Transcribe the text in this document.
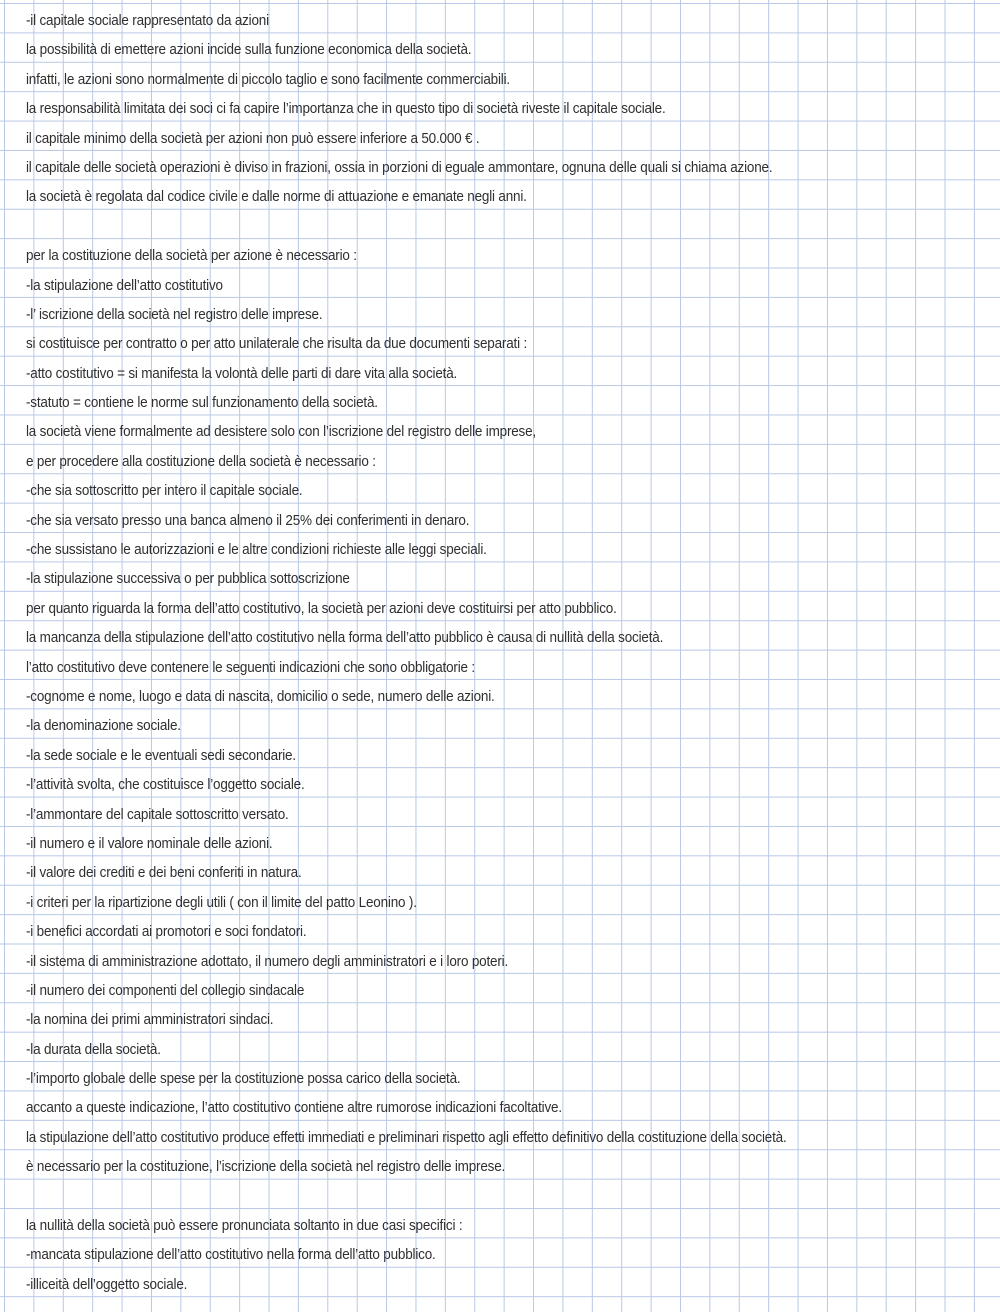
-il capitale sociale rappresentato da azioni
la possibilità di emettere azioni incide sulla funzione economica della società.
infatti, le azioni sono normalmente di piccolo taglio e sono facilmente commerciabili.
la responsabilità limitata dei soci ci fa capire l’importanza che in questo tipo di società riveste il capitale sociale.
il capitale minimo della società per azioni non può essere inferiore a 50.000 € .
il capitale delle società operazioni è diviso in frazioni, ossia in porzioni di eguale ammontare, ognuna delle quali si chiama azione.
la società è regolata dal codice civile e dalle norme di attuazione e emanate negli anni.
per la costituzione della società per azione è necessario :
-la stipulazione dell’atto costitutivo
-l’ iscrizione della società nel registro delle imprese.
si costituisce per contratto o per atto unilaterale che risulta da due documenti separati :
-atto costitutivo = si manifesta la volontà delle parti di dare vita alla società.
-statuto = contiene le norme sul funzionamento della società.
la società viene formalmente ad desistere solo con l’iscrizione del registro delle imprese,
e per procedere alla costituzione della società è necessario :
-che sia sottoscritto per intero il capitale sociale.
-che sia versato presso una banca almeno il 25% dei conferimenti in denaro.
-che sussistano le autorizzazioni e le altre condizioni richieste alle leggi speciali.
-la stipulazione successiva o per pubblica sottoscrizione
per quanto riguarda la forma dell’atto costitutivo, la società per azioni deve costituirsi per atto pubblico.
la mancanza della stipulazione dell’atto costitutivo nella forma dell’atto pubblico è causa di nullità della società.
l’atto costitutivo deve contenere le seguenti indicazioni che sono obbligatorie :
-cognome e nome, luogo e data di nascita, domicilio o sede, numero delle azioni.
-la denominazione sociale.
-la sede sociale e le eventuali sedi secondarie.
-l’attività svolta, che costituisce l’oggetto sociale.
-l’ammontare del capitale sottoscritto versato.
-il numero e il valore nominale delle azioni.
-il valore dei crediti e dei beni conferiti in natura.
-i criteri per la ripartizione degli utili ( con il limite del patto Leonino ).
-i benefici accordati ai promotori e soci fondatori.
-il sistema di amministrazione adottato, il numero degli amministratori e i loro poteri.
-il numero dei componenti del collegio sindacale
-la nomina dei primi amministratori sindaci.
-la durata della società.
-l’importo globale delle spese per la costituzione possa carico della società.
accanto a queste indicazione, l’atto costitutivo contiene altre rumorose indicazioni facoltative.
la stipulazione dell’atto costitutivo produce effetti immediati e preliminari rispetto agli effetto definitivo della costituzione della società.
è necessario per la costituzione, l’iscrizione della società nel registro delle imprese.
la nullità della società può essere pronunciata soltanto in due casi specifici :
-mancata stipulazione dell’atto costitutivo nella forma dell’atto pubblico.
-illiceità dell’oggetto sociale.
